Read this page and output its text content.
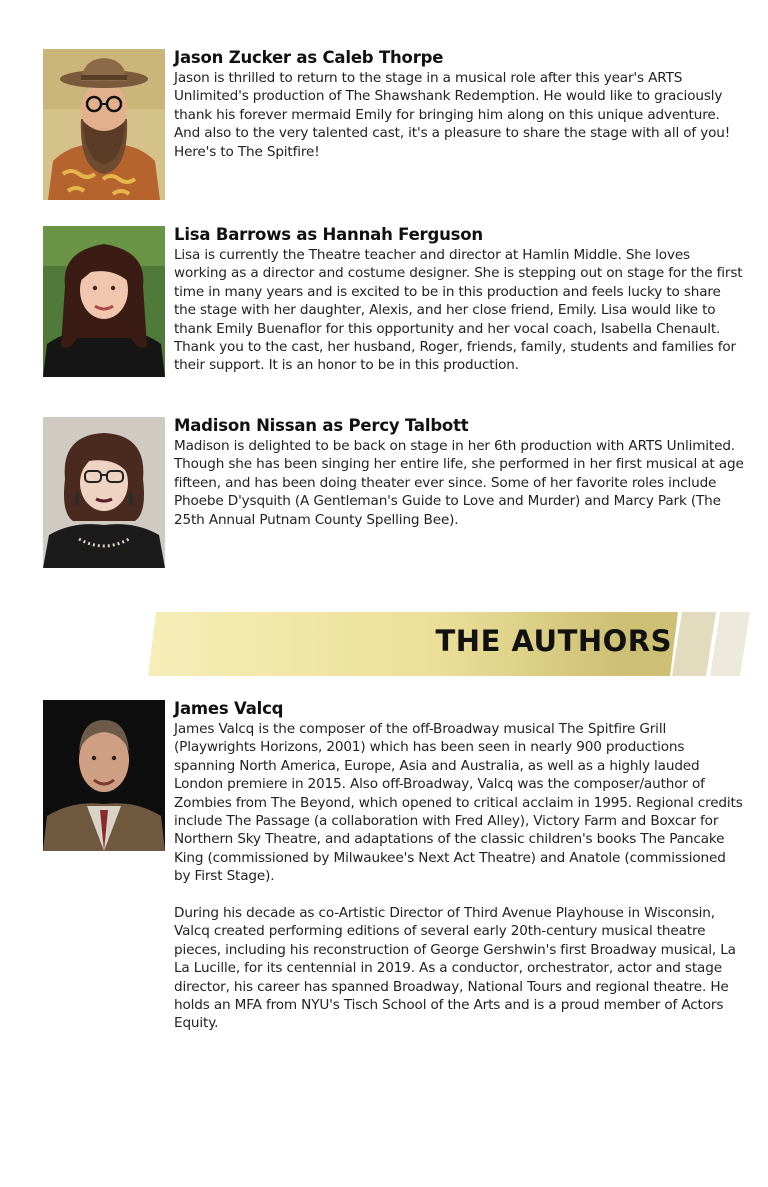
Jason Zucker as Caleb Thorpe

Jason is thrilled to return to the stage in a musical role after this year's ARTS Unlimited's production of The Shawshank Redemption. He would like to graciously thank his forever mermaid Emily for bringing him along on this unique adventure. And also to the very talented cast, it's a pleasure to share the stage with all of you! Here's to The Spitfire!

Lisa Barrows as Hannah Ferguson

Lisa is currently the Theatre teacher and director at Hamlin Middle. She loves working as a director and costume designer. She is stepping out on stage for the first time in many years and is excited to be in this production and feels lucky to share the stage with her daughter, Alexis, and her close friend, Emily. Lisa would like to thank Emily Buenaflor for this opportunity and her vocal coach, Isabella Chenault. Thank you to the cast, her husband, Roger, friends, family, students and families for their support. It is an honor to be in this production.

Madison Nissan as Percy Talbott

Madison is delighted to be back on stage in her 6th production with ARTS Unlimited. Though she has been singing her entire life, she performed in her first musical at age fifteen, and has been doing theater ever since. Some of her favorite roles include Phoebe D'ysquith (A Gentleman's Guide to Love and Murder) and Marcy Park (The 25th Annual Putnam County Spelling Bee).

THE AUTHORS
James Valcq

James Valcq is the composer of the off-Broadway musical The Spitfire Grill (Playwrights Horizons, 2001) which has been seen in nearly 900 productions spanning North America, Europe, Asia and Australia, as well as a highly lauded London premiere in 2015. Also off-Broadway, Valcq was the composer/author of Zombies from The Beyond, which opened to critical acclaim in 1995. Regional credits include The Passage (a collaboration with Fred Alley), Victory Farm and Boxcar for Northern Sky Theatre, and adaptations of the classic children's books The Pancake King (commissioned by Milwaukee's Next Act Theatre) and Anatole (commissioned by First Stage).

During his decade as co-Artistic Director of Third Avenue Playhouse in Wisconsin, Valcq created performing editions of several early 20th-century musical theatre pieces, including his reconstruction of George Gershwin's first Broadway musical, La La Lucille, for its centennial in 2019. As a conductor, orchestrator, actor and stage director, his career has spanned Broadway, National Tours and regional theatre. He holds an MFA from NYU's Tisch School of the Arts and is a proud member of Actors Equity.
